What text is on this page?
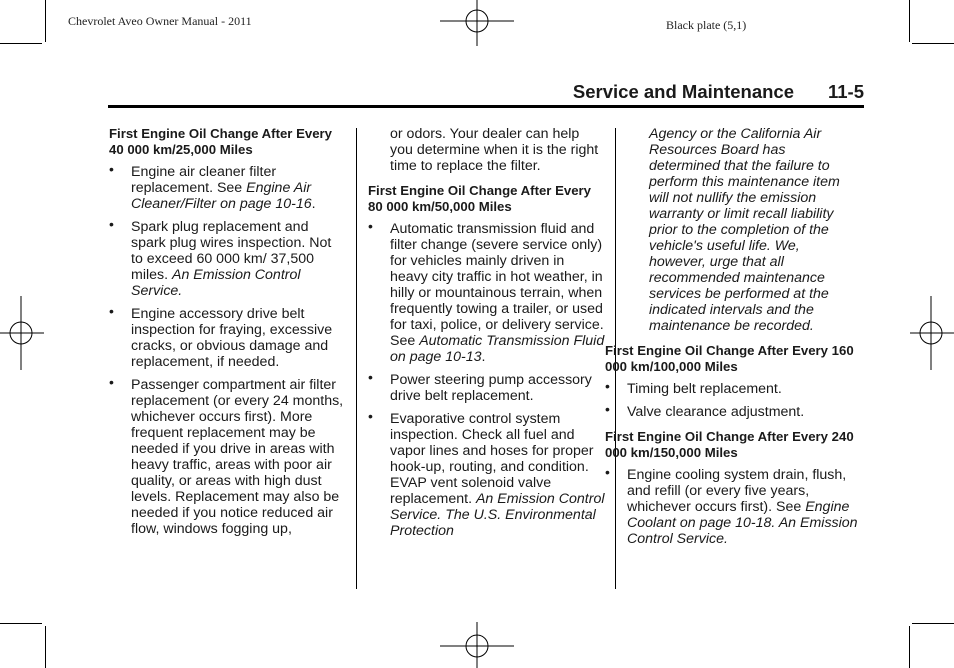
Chevrolet Aveo Owner Manual - 2011	Black plate (5,1)
Service and Maintenance 11-5
First Engine Oil Change After Every 40 000 km/25,000 Miles
• Engine air cleaner filter replacement. See Engine Air Cleaner/Filter on page 10-16.
• Spark plug replacement and spark plug wires inspection. Not to exceed 60 000 km/ 37,500 miles. An Emission Control Service.
• Engine accessory drive belt inspection for fraying, excessive cracks, or obvious damage and replacement, if needed.
• Passenger compartment air filter replacement (or every 24 months, whichever occurs first). More frequent replacement may be needed if you drive in areas with heavy traffic, areas with poor air quality, or areas with high dust levels. Replacement may also be needed if you notice reduced air flow, windows fogging up,
or odors. Your dealer can help you determine when it is the right time to replace the filter.
First Engine Oil Change After Every 80 000 km/50,000 Miles
• Automatic transmission fluid and filter change (severe service only) for vehicles mainly driven in heavy city traffic in hot weather, in hilly or mountainous terrain, when frequently towing a trailer, or used for taxi, police, or delivery service. See Automatic Transmission Fluid on page 10-13.
• Power steering pump accessory drive belt replacement.
• Evaporative control system inspection. Check all fuel and vapor lines and hoses for proper hook-up, routing, and condition. EVAP vent solenoid valve replacement. An Emission Control Service. The U.S. Environmental Protection
Agency or the California Air Resources Board has determined that the failure to perform this maintenance item will not nullify the emission warranty or limit recall liability prior to the completion of the vehicle's useful life. We, however, urge that all recommended maintenance services be performed at the indicated intervals and the maintenance be recorded.
First Engine Oil Change After Every 160 000 km/100,000 Miles
• Timing belt replacement.
• Valve clearance adjustment.
First Engine Oil Change After Every 240 000 km/150,000 Miles
• Engine cooling system drain, flush, and refill (or every five years, whichever occurs first). See Engine Coolant on page 10-18. An Emission Control Service.
